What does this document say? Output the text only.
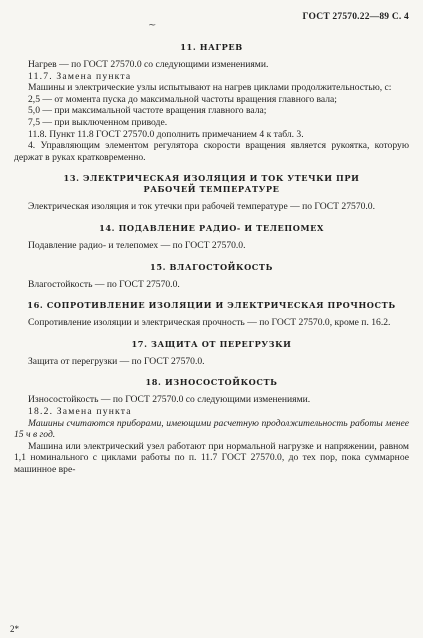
ГОСТ 27570.22—89 С. 4
~
11. НАГРЕВ

Нагрев — по ГОСТ 27570.0 со следующими изменениями.

11.7. Замена пункта

Машины и электрические узлы испытывают на нагрев циклами продолжительностью, с:

2,5 — от момента пуска до максимальной частоты вращения главного вала;

5,0 — при максимальной частоте вращения главного вала;

7,5 — при выключенном приводе.

11.8. Пункт 11.8 ГОСТ 27570.0 дополнить примечанием 4 к табл. 3.

4. Управляющим элементом регулятора скорости вращения является рукоятка, которую держат в руках кратковременно.

13. ЭЛЕКТРИЧЕСКАЯ ИЗОЛЯЦИЯ И ТОК УТЕЧКИ ПРИ
РАБОЧЕЙ ТЕМПЕРАТУРЕ

Электрическая изоляция и ток утечки при рабочей температуре — по ГОСТ 27570.0.

14. ПОДАВЛЕНИЕ РАДИО- И ТЕЛЕПОМЕХ

Подавление радио- и телепомех — по ГОСТ 27570.0.

15. ВЛАГОСТОЙКОСТЬ

Влагостойкость — по ГОСТ 27570.0.

16. СОПРОТИВЛЕНИЕ ИЗОЛЯЦИИ И ЭЛЕКТРИЧЕСКАЯ ПРОЧНОСТЬ

Сопротивление изоляции и электрическая прочность — по ГОСТ 27570.0, кроме п. 16.2.

17. ЗАЩИТА ОТ ПЕРЕГРУЗКИ

Защита от перегрузки — по ГОСТ 27570.0.

18. ИЗНОСОСТОЙКОСТЬ

Износостойкость — по ГОСТ 27570.0 со следующими изменениями.

18.2. Замена пункта

Машины считаются приборами, имеющими расчетную продолжительность работы менее 15 ч в год.

Машина или электрический узел работают при нормальной нагрузке и напряжении, равном 1,1 номинального с циклами работы по п. 11.7 ГОСТ 27570.0, до тех пор, пока суммарное машинное вре-

2*
